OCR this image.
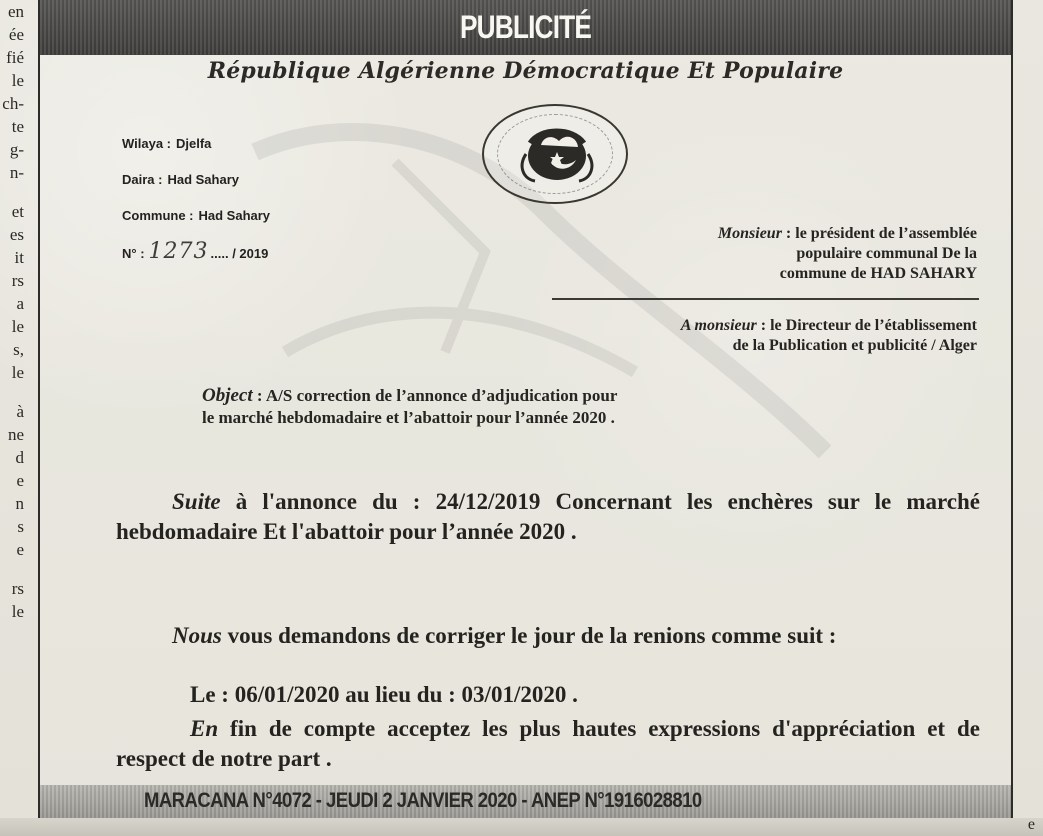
en
ée
fié
le
ch-
te
g-
n-
et
es
it
rs
a
le
s,
le
à
ne
d
e
n
s
e
rs
le
PUBLICITÉ
République Algérienne Démocratique Et Populaire
Wilaya : Djelfa
Daira : Had Sahary
Commune : Had Sahary
N° : 1273 ..... / 2019
Monsieur : le président de l’assemblée
populaire communal De la
commune de HAD SAHARY
A monsieur : le Directeur de l’établissement
de la Publication et publicité / Alger
Object : A/S correction de l’annonce d’adjudication pour
le marché hebdomadaire et l’abattoir pour l’année 2020 .
Suite à l'annonce du : 24/12/2019 Concernant les enchères sur le marché hebdomadaire Et l'abattoir pour l’année 2020 .
Nous vous demandons de corriger le jour de la renions comme suit :
Le : 06/01/2020 au lieu du : 03/01/2020 .
En fin de compte acceptez les plus hautes expressions d'appréciation et de respect de notre part .
MARACANA N°4072 - JEUDI 2 JANVIER 2020 - ANEP N°1916028810
e
